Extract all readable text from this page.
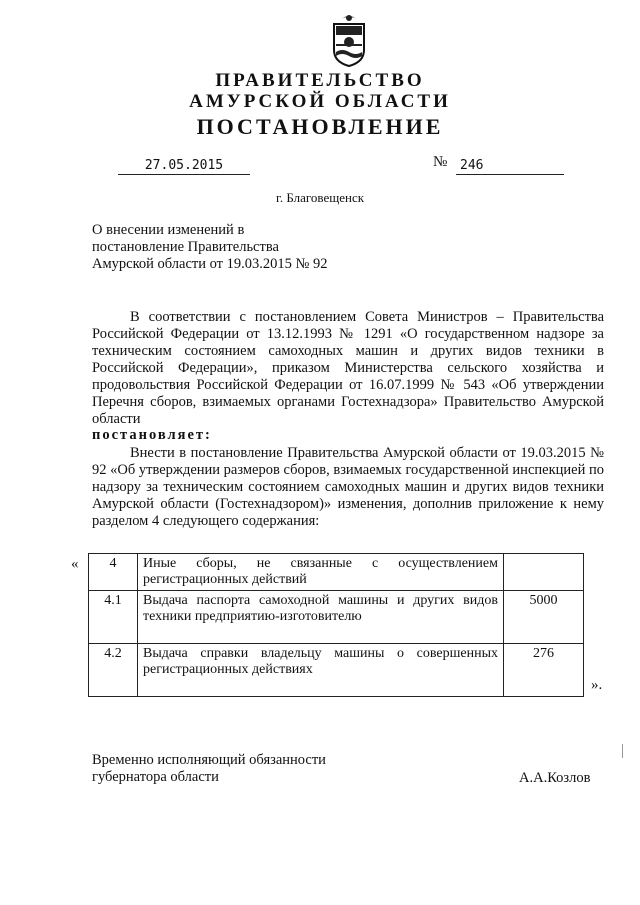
ПРАВИТЕЛЬСТВО
АМУРСКОЙ ОБЛАСТИ
ПОСТАНОВЛЕНИЕ
27.05.2015	№ 246
г. Благовещенск
О внесении изменений в
постановление Правительства
Амурской области от 19.03.2015 № 92
В соответствии с постановлением Совета Министров – Правительства Российской Федерации от 13.12.1993 № 1291 «О государственном надзоре за техническим состоянием самоходных машин и других видов техники в Российской Федерации», приказом Министерства сельского хозяйства и продовольствия Российской Федерации от 16.07.1999 № 543 «Об утверждении Перечня сборов, взимаемых органами Гостехнадзора» Правительство Амурской области
постановляет:
Внести в постановление Правительства Амурской области от 19.03.2015 № 92 «Об утверждении размеров сборов, взимаемых государственной инспекцией по надзору за техническим состоянием самоходных машин и других видов техники Амурской области (Гостехнадзором)» изменения, дополнив приложение к нему разделом 4 следующего содержания:
« 4	Иные сборы, не связанные с осуществлением регистрационных действий	
4.1	Выдача паспорта самоходной машины и других видов техники предприятию-изготовителю	5000
4.2	Выдача справки владельцу машины о совершенных регистрационных действиях	276
».
Временно исполняющий обязанности
губернатора области	А.А.Козлов
